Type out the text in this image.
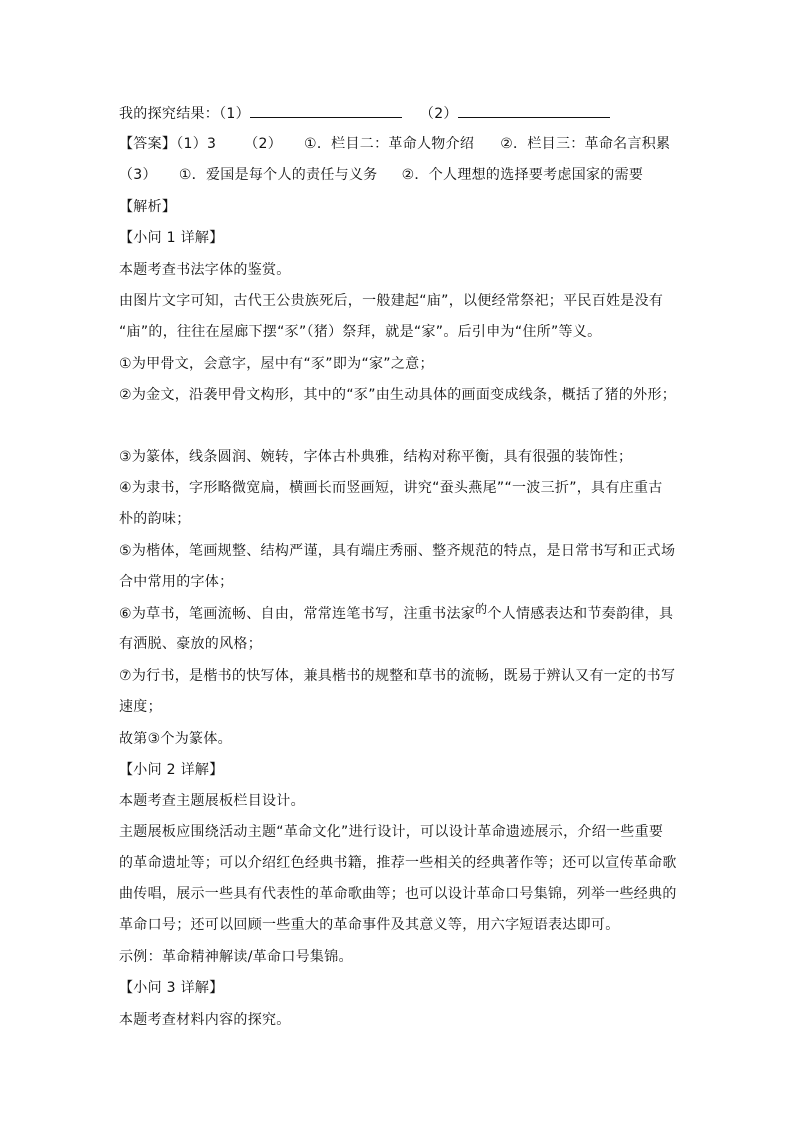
我的探究结果：（1）	（2）
【答案】（1）3 （2） ①．栏目二：革命人物介绍 ②．栏目三：革命名言积累
（3） ①．爱国是每个人的责任与义务 ②．个人理想的选择要考虑国家的需要
【解析】
【小问 1 详解】
本题考查书法字体的鉴赏。
由图片文字可知，古代王公贵族死后，一般建起“庙”，以便经常祭祀；平民百姓是没有
“庙”的，往往在屋廊下摆“豕”（猪）祭拜，就是“家”。后引申为“住所”等义。
①为甲骨文，会意字，屋中有“豕”即为“家”之意；
②为金文，沿袭甲骨文构形，其中的“豕”由生动具体的画面变成线条，概括了猪的外形；
③为篆体，线条圆润、婉转，字体古朴典雅，结构对称平衡，具有很强的装饰性；
④为隶书，字形略微宽扁，横画长而竖画短，讲究“蚕头燕尾”“一波三折”，具有庄重古
朴的韵味；
⑤为楷体，笔画规整、结构严谨，具有端庄秀丽、整齐规范的特点，是日常书写和正式场
合中常用的字体；
⑥为草书，笔画流畅、自由，常常连笔书写，注重书法家的个人情感表达和节奏韵律，具
有洒脱、豪放的风格；
⑦为行书，是楷书的快写体，兼具楷书的规整和草书的流畅，既易于辨认又有一定的书写
速度；
故第③个为篆体。
【小问 2 详解】
本题考查主题展板栏目设计。
主题展板应围绕活动主题“革命文化”进行设计，可以设计革命遗迹展示，介绍一些重要
的革命遗址等；可以介绍红色经典书籍，推荐一些相关的经典著作等；还可以宣传革命歌
曲传唱，展示一些具有代表性的革命歌曲等；也可以设计革命口号集锦，列举一些经典的
革命口号；还可以回顾一些重大的革命事件及其意义等，用六字短语表达即可。
示例：革命精神解读/革命口号集锦。
【小问 3 详解】
本题考查材料内容的探究。
